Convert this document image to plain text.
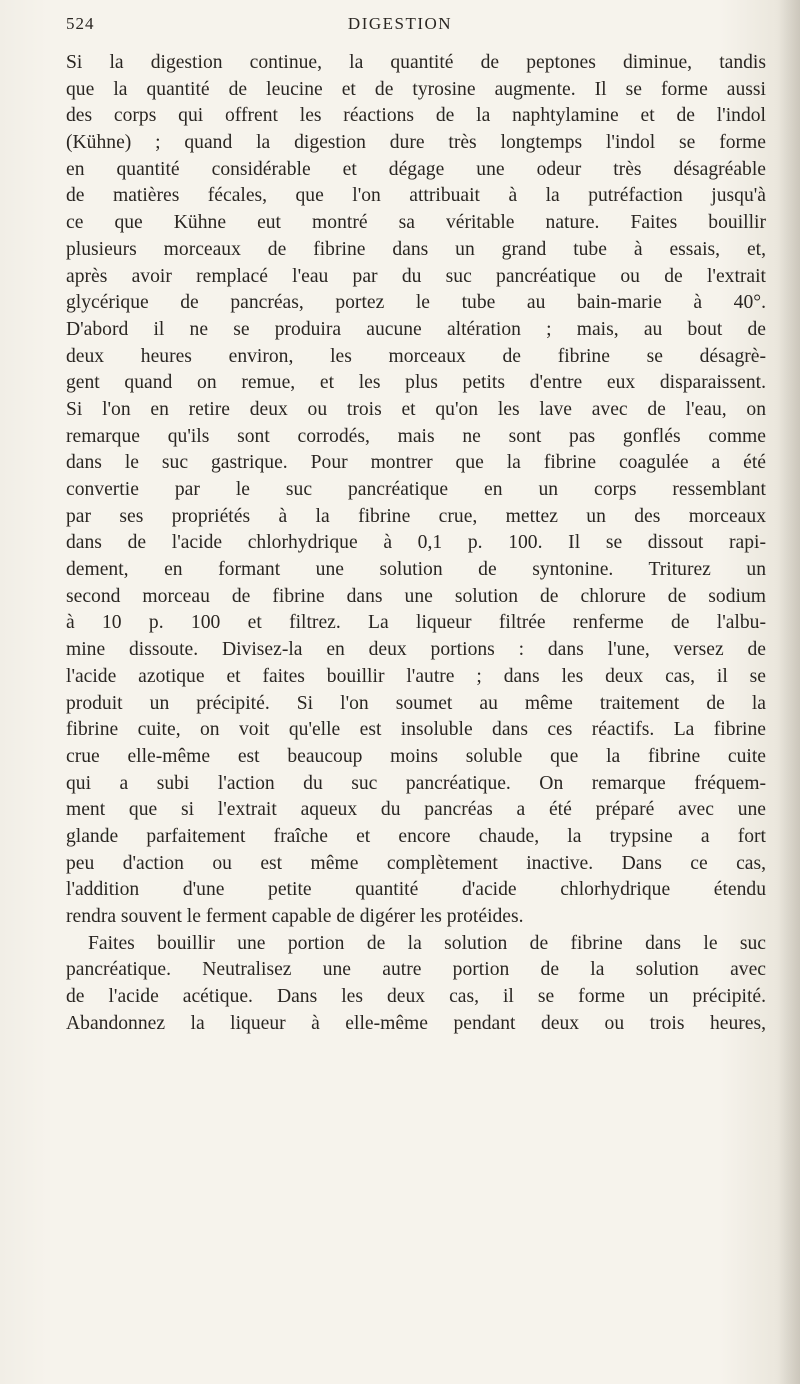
524	DIGESTION
Si la digestion continue, la quantité de peptones diminue, tandis
que la quantité de leucine et de tyrosine augmente. Il se forme aussi
des corps qui offrent les réactions de la naphtylamine et de l'indol
(Kühne) ; quand la digestion dure très longtemps l'indol se forme
en quantité considérable et dégage une odeur très désagréable
de matières fécales, que l'on attribuait à la putréfaction jusqu'à
ce que Kühne eut montré sa véritable nature. Faites bouillir
plusieurs morceaux de fibrine dans un grand tube à essais, et,
après avoir remplacé l'eau par du suc pancréatique ou de l'extrait
glycérique de pancréas, portez le tube au bain-marie à 40°.
D'abord il ne se produira aucune altération ; mais, au bout de
deux heures environ, les morceaux de fibrine se désagrè-
gent quand on remue, et les plus petits d'entre eux disparaissent.
Si l'on en retire deux ou trois et qu'on les lave avec de l'eau, on
remarque qu'ils sont corrodés, mais ne sont pas gonflés comme
dans le suc gastrique. Pour montrer que la fibrine coagulée a été
convertie par le suc pancréatique en un corps ressemblant
par ses propriétés à la fibrine crue, mettez un des morceaux
dans de l'acide chlorhydrique à 0,1 p. 100. Il se dissout rapi-
dement, en formant une solution de syntonine. Triturez un
second morceau de fibrine dans une solution de chlorure de sodium
à 10 p. 100 et filtrez. La liqueur filtrée renferme de l'albu-
mine dissoute. Divisez-la en deux portions : dans l'une, versez de
l'acide azotique et faites bouillir l'autre ; dans les deux cas, il se
produit un précipité. Si l'on soumet au même traitement de la
fibrine cuite, on voit qu'elle est insoluble dans ces réactifs. La fibrine
crue elle-même est beaucoup moins soluble que la fibrine cuite
qui a subi l'action du suc pancréatique. On remarque fréquem-
ment que si l'extrait aqueux du pancréas a été préparé avec une
glande parfaitement fraîche et encore chaude, la trypsine a fort
peu d'action ou est même complètement inactive. Dans ce cas,
l'addition d'une petite quantité d'acide chlorhydrique étendu
rendra souvent le ferment capable de digérer les protéides.
Faites bouillir une portion de la solution de fibrine dans le suc
pancréatique. Neutralisez une autre portion de la solution avec
de l'acide acétique. Dans les deux cas, il se forme un précipité.
Abandonnez la liqueur à elle-même pendant deux ou trois heures,
